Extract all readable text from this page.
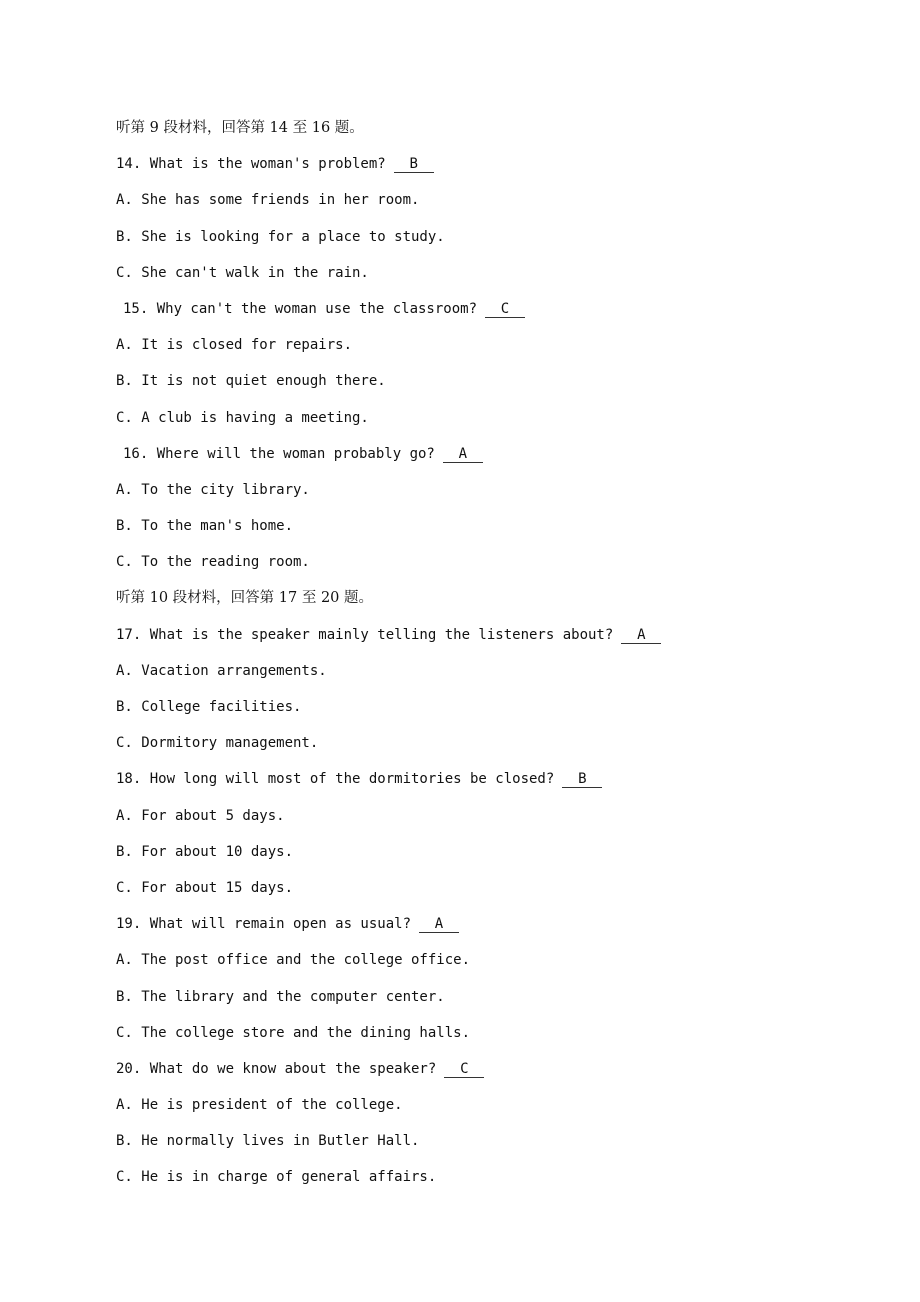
听第 9 段材料，回答第 14 至 16 题。
14. What is the woman's problem? B
A. She has some friends in her room.
B. She is looking for a place to study.
C. She can't walk in the rain.
15. Why can't the woman use the classroom? C
A. It is closed for repairs.
B. It is not quiet enough there.
C. A club is having a meeting.
16. Where will the woman probably go? A
A. To the city library.
B. To the man's home.
C. To the reading room.
听第 10 段材料，回答第 17 至 20 题。
17. What is the speaker mainly telling the listeners about? A
A. Vacation arrangements.
B. College facilities.
C. Dormitory management.
18. How long will most of the dormitories be closed? B
A. For about 5 days.
B. For about 10 days.
C. For about 15 days.
19. What will remain open as usual? A
A. The post office and the college office.
B. The library and the computer center.
C. The college store and the dining halls.
20. What do we know about the speaker? C
A. He is president of the college.
B. He normally lives in Butler Hall.
C. He is in charge of general affairs.
